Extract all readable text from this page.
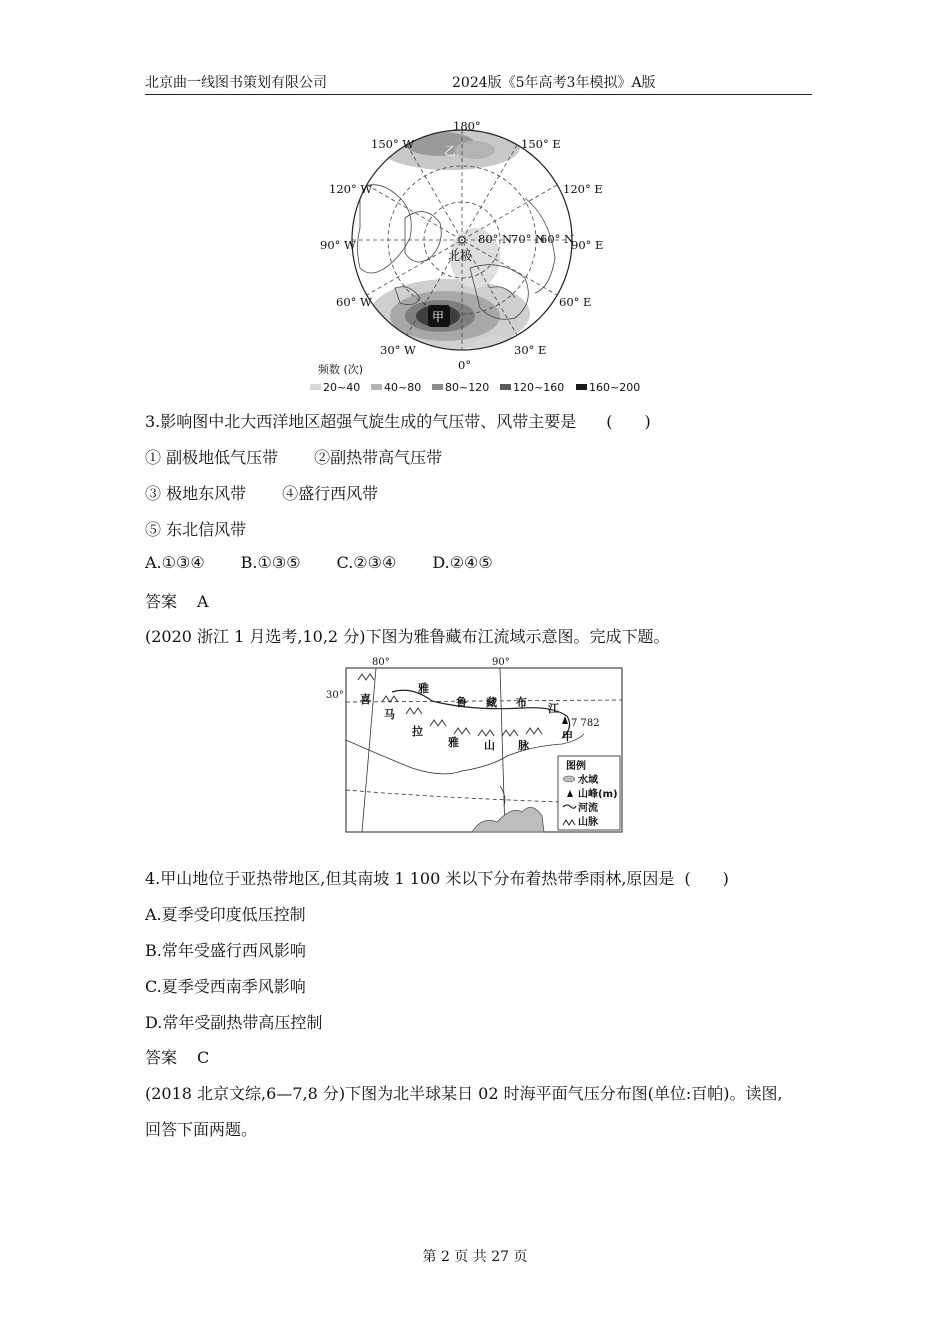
北京曲一线图书策划有限公司	2024版《5年高考3年模拟》A版
甲
乙
北极
180°
150° W	150° E
120° W	120° E
90° W	90° E
60° W	60° E
30° W	30° E
0°
80° N
70° N
60° N
频数 (次)
20~40 40~80 80~120 120~160 160~200
3.影响图中北大西洋地区超强气旋生成的气压带、风带主要是 (　　)
① 副极地低气压带 ②副热带高气压带
③ 极地东风带 ④盛行西风带
⑤ 东北信风带
A.①③④ B.①③⑤ C.②③④ D.②④⑤
答案 A
(2020 浙江 1 月选考,10,2 分)下图为雅鲁藏布江流域示意图。完成下题。
80°	90°
30°
7 782
喜
马
拉
雅 山 脉
雅
鲁 藏 布 江
甲
图例
水域
山峰(m)
河流
山脉
4.甲山地位于亚热带地区,但其南坡 1 100 米以下分布着热带季雨林,原因是 (　　)
A.夏季受印度低压控制
B.常年受盛行西风影响
C.夏季受西南季风影响
D.常年受副热带高压控制
答案 C
(2018 北京文综,6—7,8 分)下图为北半球某日 02 时海平面气压分布图(单位:百帕)。读图,
回答下面两题。
第 2 页 共 27 页
